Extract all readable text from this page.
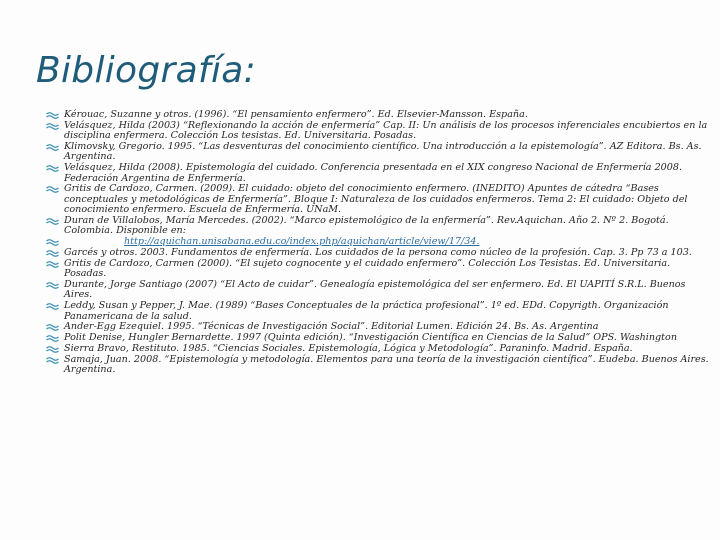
Bibliografía:
Kérouac, Suzanne y otros. (1996). “El pensamiento enfermero”. Ed. Elsevier-Mansson. España.
Velásquez, Hilda (2003) “Reflexionando la acción de enfermería” Cap. II: Un análisis de los procesos inferenciales encubiertos en la disciplina enfermera. Colección Los tesistas. Ed. Universitaria. Posadas.
Klimovsky, Gregorio. 1995. “Las desventuras del conocimiento científico. Una introducción a la epistemología”. AZ Editora. Bs. As. Argentina.
Velásquez, Hilda (2008). Epistemología del cuidado. Conferencia presentada en el XIX congreso Nacional de Enfermería 2008. Federación Argentina de Enfermería.
Gritis de Cardozo, Carmen. (2009). El cuidado: objeto del conocimiento enfermero. (INEDITO) Apuntes de cátedra “Bases conceptuales y metodológicas de Enfermería”. Bloque I: Naturaleza de los cuidados enfermeros. Tema 2: El cuidado: Objeto del conocimiento enfermero. Escuela de Enfermería. UNaM.
Duran de Villalobos, María Mercedes. (2002). “Marco epistemológico de la enfermería”. Rev.Aquichan. Año 2. Nº 2. Bogotá. Colombia. Disponible en:
http://aquichan.unisabana.edu.co/index.php/aquichan/article/view/17/34.
Garcés y otros. 2003. Fundamentos de enfermería. Los cuidados de la persona como núcleo de la profesión. Cap. 3. Pp 73 a 103.
Gritis de Cardozo, Carmen (2000). “El sujeto cognocente y el cuidado enfermero”. Colección Los Tesistas. Ed. Universitaria. Posadas.
Durante, Jorge Santiago (2007) “El Acto de cuidar”. Genealogía epistemológica del ser enfermero. Ed. El UAPITÍ S.R.L. Buenos Aires.
Leddy, Susan y Pepper, J. Mae. (1989) “Bases Conceptuales de la práctica profesional”. 1º ed. EDd. Copyrigth. Organización Panamericana de la salud.
Ander-Egg Ezequiel. 1995. “Técnicas de Investigación Social”. Editorial Lumen. Edición 24. Bs. As. Argentina
Polit Denise, Hungler Bernardette. 1997 (Quinta edición). “Investigación Científica en Ciencias de la Salud” OPS. Washington
Sierra Bravo, Restituto. 1985. “Ciencias Sociales. Epistemología, Lógica y Metodología”. Paraninfo. Madrid. España.
Samaja, Juan. 2008. “Epistemología y metodología. Elementos para una teoría de la investigación científica”. Eudeba. Buenos Aires. Argentina.
